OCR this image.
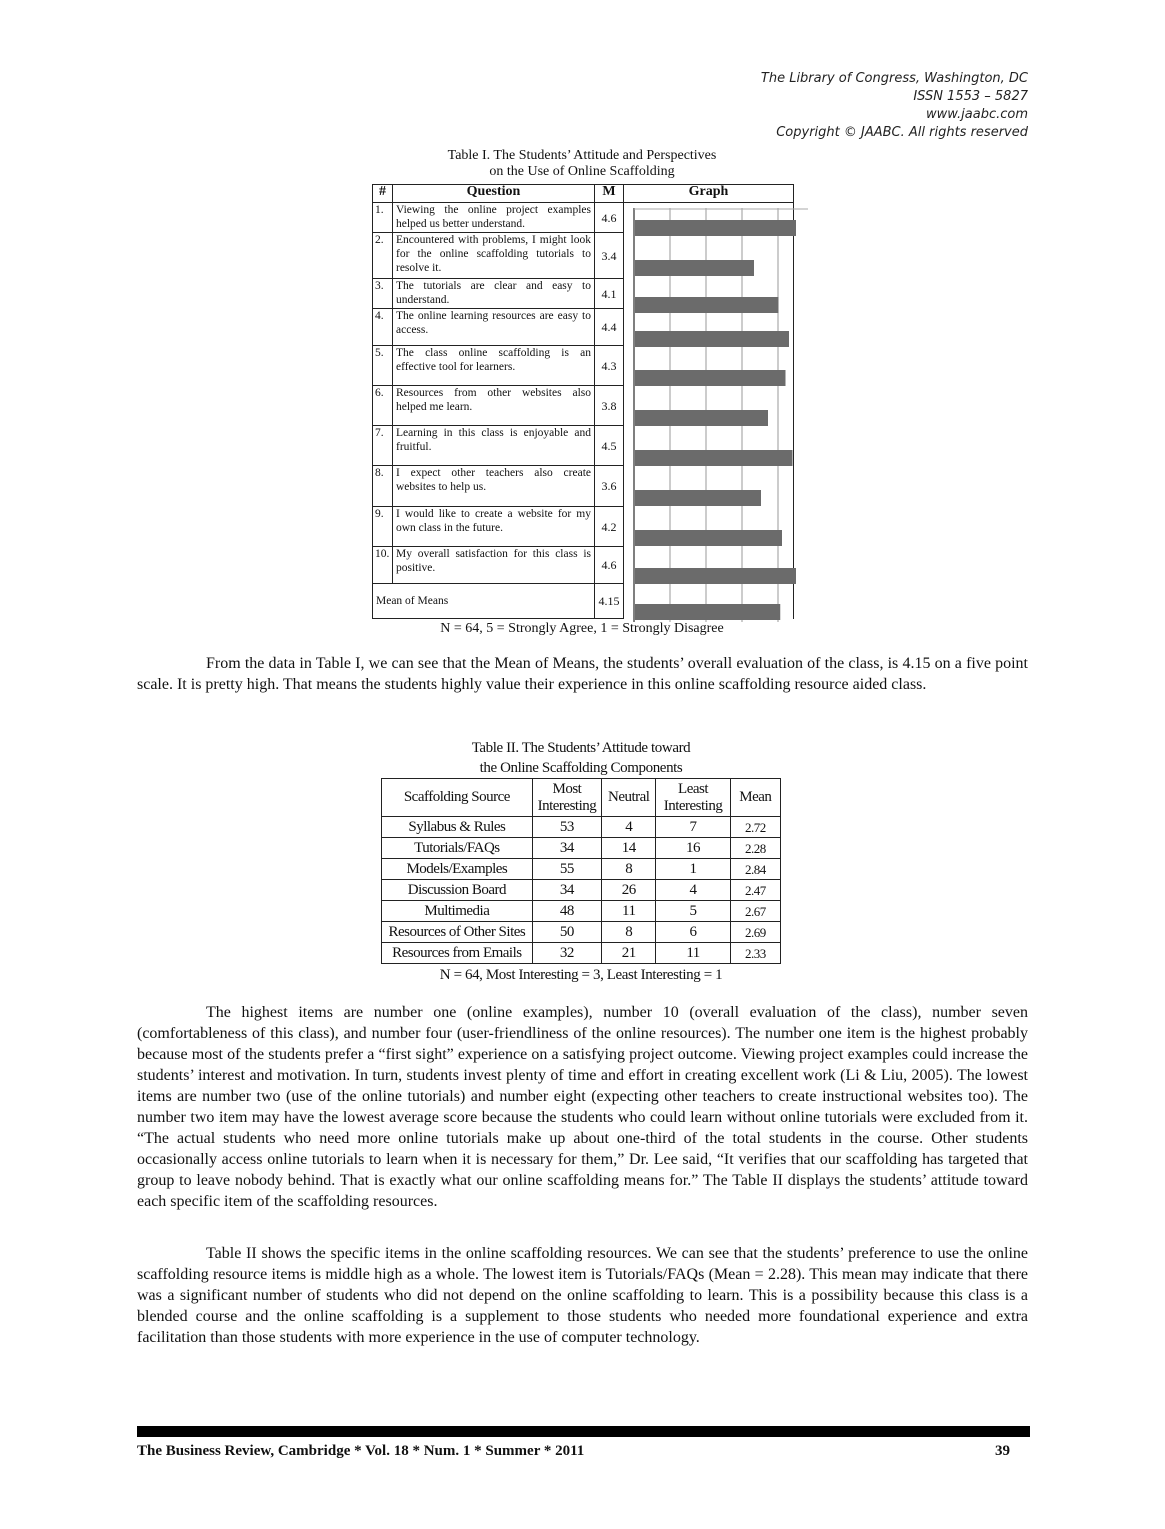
The Library of Congress, Washington, DC
ISSN 1553 – 5827
www.jaabc.com
Copyright © JAABC. All rights reserved
Table I. The Students’ Attitude and Perspectives
on the Use of Online Scaffolding
#	Question	M	Graph
1.	Viewing the online project examples helped us better understand.	4.6	
2.	Encountered with problems, I might look for the online scaffolding tutorials to resolve it.	3.4	
3.	The tutorials are clear and easy to understand.	4.1	
4.	The online learning resources are easy to access.	4.4	
5.	The class online scaffolding is an effective tool for learners.	4.3	
6.	Resources from other websites also helped me learn.	3.8	
7.	Learning in this class is enjoyable and fruitful.	4.5	
8.	I expect other teachers also create websites to help us.	3.6	
9.	I would like to create a website for my own class in the future.	4.2	
10.	My overall satisfaction for this class is positive.	4.6	
Mean of Means		4.15	
N = 64, 5 = Strongly Agree, 1 = Strongly Disagree
From the data in Table I, we can see that the Mean of Means, the students’ overall evaluation of the class, is 4.15 on a five point scale. It is pretty high. That means the students highly value their experience in this online scaffolding resource aided class.
Table II. The Students’ Attitude toward
the Online Scaffolding Components
Scaffolding Source	Most Interesting	Neutral	Least Interesting	Mean
Syllabus & Rules	53	4	7	2.72
Tutorials/FAQs	34	14	16	2.28
Models/Examples	55	8	1	2.84
Discussion Board	34	26	4	2.47
Multimedia	48	11	5	2.67
Resources of Other Sites	50	8	6	2.69
Resources from Emails	32	21	11	2.33
N = 64, Most Interesting = 3, Least Interesting = 1
The highest items are number one (online examples), number 10 (overall evaluation of the class), number seven (comfortableness of this class), and number four (user-friendliness of the online resources). The number one item is the highest probably because most of the students prefer a “first sight” experience on a satisfying project outcome. Viewing project examples could increase the students’ interest and motivation. In turn, students invest plenty of time and effort in creating excellent work (Li & Liu, 2005). The lowest items are number two (use of the online tutorials) and number eight (expecting other teachers to create instructional websites too). The number two item may have the lowest average score because the students who could learn without online tutorials were excluded from it. “The actual students who need more online tutorials make up about one-third of the total students in the course. Other students occasionally access online tutorials to learn when it is necessary for them,” Dr. Lee said, “It verifies that our scaffolding has targeted that group to leave nobody behind. That is exactly what our online scaffolding means for.” The Table II displays the students’ attitude toward each specific item of the scaffolding resources.
Table II shows the specific items in the online scaffolding resources. We can see that the students’ preference to use the online scaffolding resource items is middle high as a whole. The lowest item is Tutorials/FAQs (Mean = 2.28). This mean may indicate that there was a significant number of students who did not depend on the online scaffolding to learn. This is a possibility because this class is a blended course and the online scaffolding is a supplement to those students who needed more foundational experience and extra facilitation than those students with more experience in the use of computer technology.
The Business Review, Cambridge * Vol. 18 * Num. 1 * Summer * 2011	39
